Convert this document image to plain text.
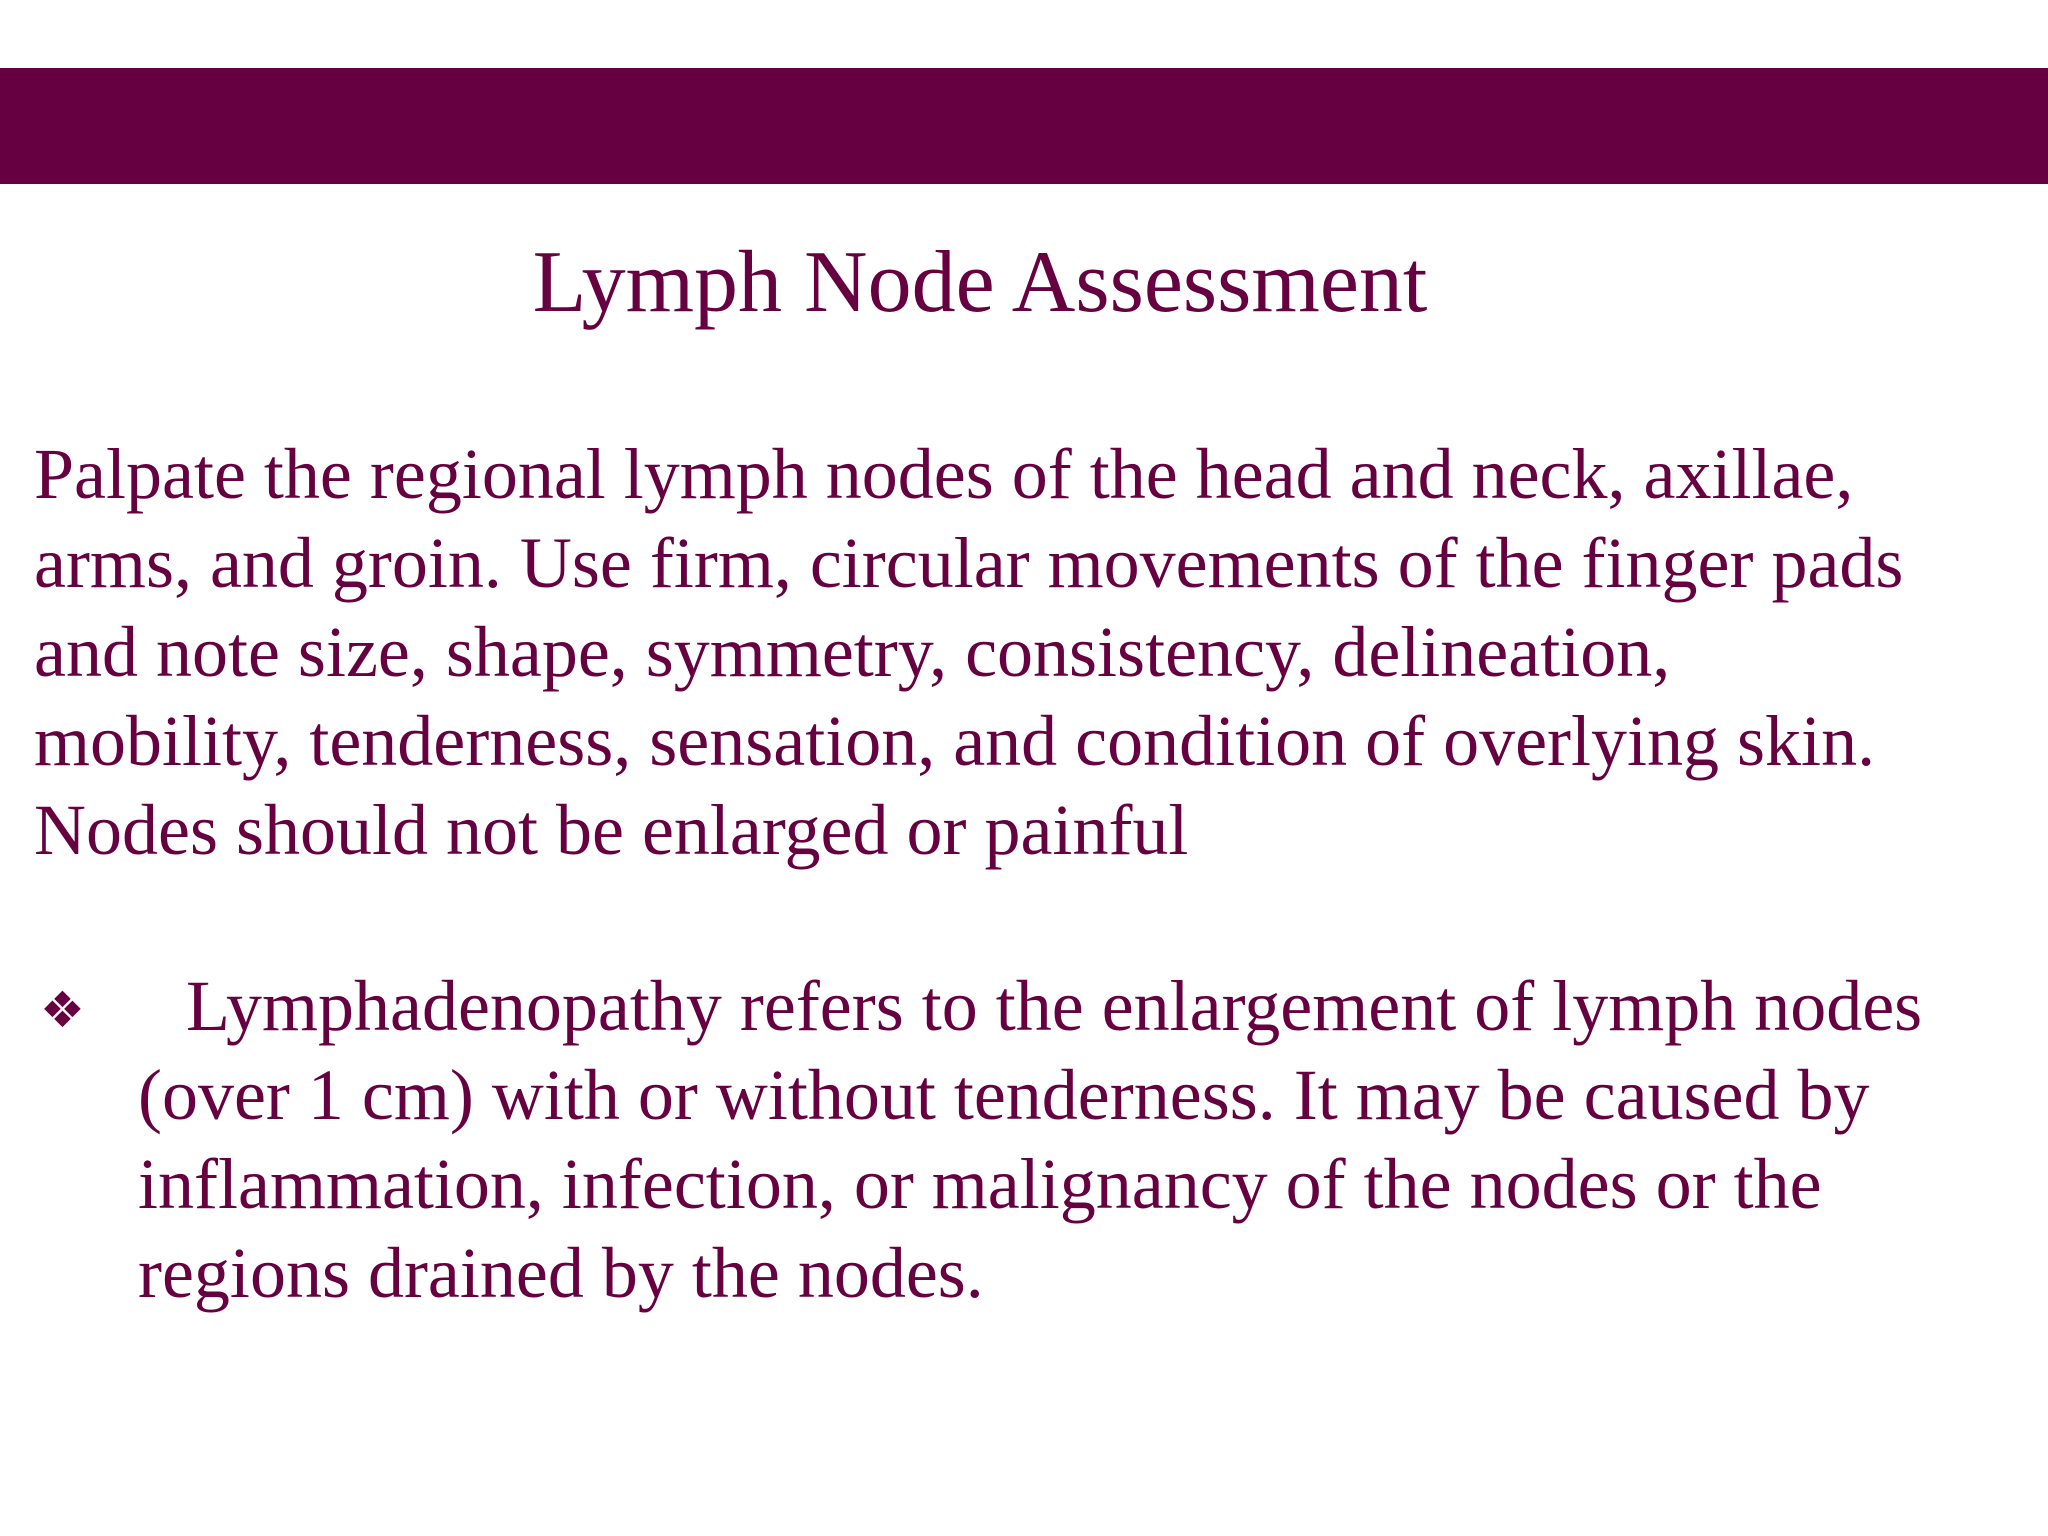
Lymph Node Assessment

Palpate the regional lymph nodes of the head and neck, axillae,
arms, and groin. Use firm, circular movements of the finger pads
and note size, shape, symmetry, consistency, delineation,
mobility, tenderness, sensation, and condition of overlying skin.
Nodes should not be enlarged or painful

❖	Lymphadenopathy refers to the enlargement of lymph nodes
(over 1 cm) with or without tenderness. It may be caused by
inflammation, infection, or malignancy of the nodes or the
regions drained by the nodes.
